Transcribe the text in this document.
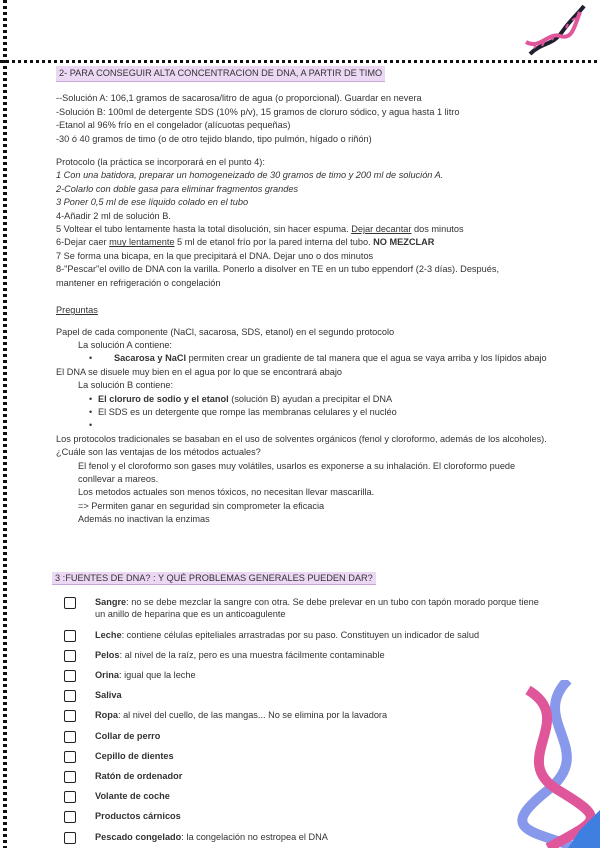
2- PARA CONSEGUIR ALTA CONCENTRACION DE DNA, A PARTIR DE TIMO
--Solución A: 106,1 gramos de sacarosa/litro de agua (o proporcional). Guardar en nevera
-Solución B: 100ml de detergente SDS (10% p/v), 15 gramos de cloruro sódico, y agua hasta 1 litro
-Etanol al 96% frío en el congelador (alícuotas pequeñas)
-30 ó 40 gramos de timo (o de otro tejido blando, tipo pulmón, hígado o riñón)
Protocolo (la práctica se incorporará en el punto 4):
1 Con una batidora, preparar un homogeneizado de 30 gramos de timo y 200 ml de solución A.
2-Colarlo con doble gasa para eliminar fragmentos grandes
3 Poner 0,5 ml de ese líquido colado en el tubo
4-Añadir 2 ml de solución B.
5 Voltear el tubo lentamente hasta la total disolución, sin hacer espuma. Dejar decantar dos minutos
6-Dejar caer muy lentamente 5 ml de etanol frío por la pared interna del tubo. NO MEZCLAR
7 Se forma una bicapa, en la que precipitará el DNA. Dejar uno o dos minutos
8-"Pescar"el ovillo de DNA con la varilla. Ponerlo a disolver en TE en un tubo eppendorf (2-3 días). Después,
mantener en refrigeración o congelación
Preguntas
Papel de cada componente (NaCl, sacarosa, SDS, etanol) en el segundo protocolo
La solución A contiene:
• Sacarosa y NaCl permiten crear un gradiente de tal manera que el agua se vaya arriba y los lípidos abajo
El DNA se disuele muy bien en el agua por lo que se encontrará abajo
La solución B contiene:
• El cloruro de sodio y el etanol (solución B) ayudan a precipitar el DNA
• El SDS es un detergente que rompe las membranas celulares y el nucléo
•
Los protocolos tradicionales se basaban en el uso de solventes orgánicos (fenol y cloroformo, además de los alcoholes). ¿Cuále son las ventajas de los métodos actuales?
El fenol y el cloroformo son gases muy volátiles, usarlos es exponerse a su inhalación. El cloroformo puede conllevar a mareos.
Los metodos actuales son menos tóxicos, no necesitan llevar mascarilla.
=> Permiten ganar en seguridad sin comprometer la eficacia
Además no inactivan la enzimas
3 :FUENTES DE DNA? : Y QUÉ PROBLEMAS GENERALES PUEDEN DAR?
Sangre: no se debe mezclar la sangre con otra. Se debe prelevar en un tubo con tapón morado porque tiene un anillo de heparina que es un anticoagulente
Leche: contiene células epiteliales arrastradas por su paso. Constituyen un indicador de salud
Pelos: al nivel de la raíz, pero es una muestra fácilmente contaminable
Orina: igual que la leche
Saliva
Ropa: al nivel del cuello, de las mangas... No se elimina por la lavadora
Collar de perro
Cepillo de dientes
Ratón de ordenador
Volante de coche
Productos cárnicos
Pescado congelado: la congelación no estropea el DNA
